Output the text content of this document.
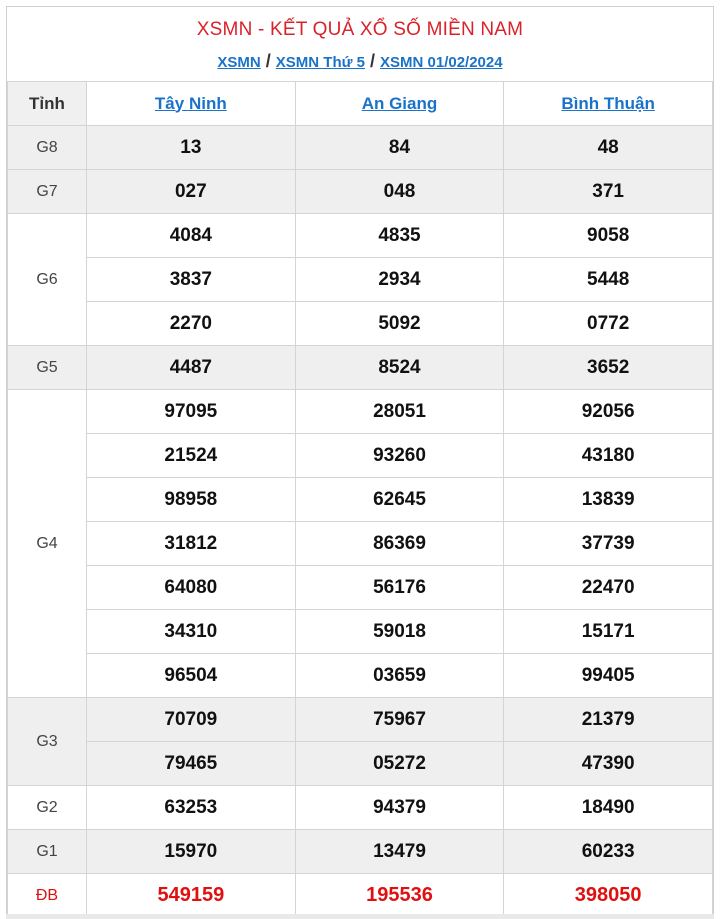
XSMN - KẾT QUẢ XỔ SỐ MIỀN NAM
XSMN / XSMN Thứ 5 / XSMN 01/02/2024
Tỉnh	Tây Ninh	An Giang	Bình Thuận
G8	13	84	48
G7	027	048	371
G6	4084	4835	9058
	3837	2934	5448
	2270	5092	0772
G5	4487	8524	3652
G4	97095	28051	92056
	21524	93260	43180
	98958	62645	13839
	31812	86369	37739
	64080	56176	22470
	34310	59018	15171
	96504	03659	99405
G3	70709	75967	21379
	79465	05272	47390
G2	63253	94379	18490
G1	15970	13479	60233
ĐB	549159	195536	398050
